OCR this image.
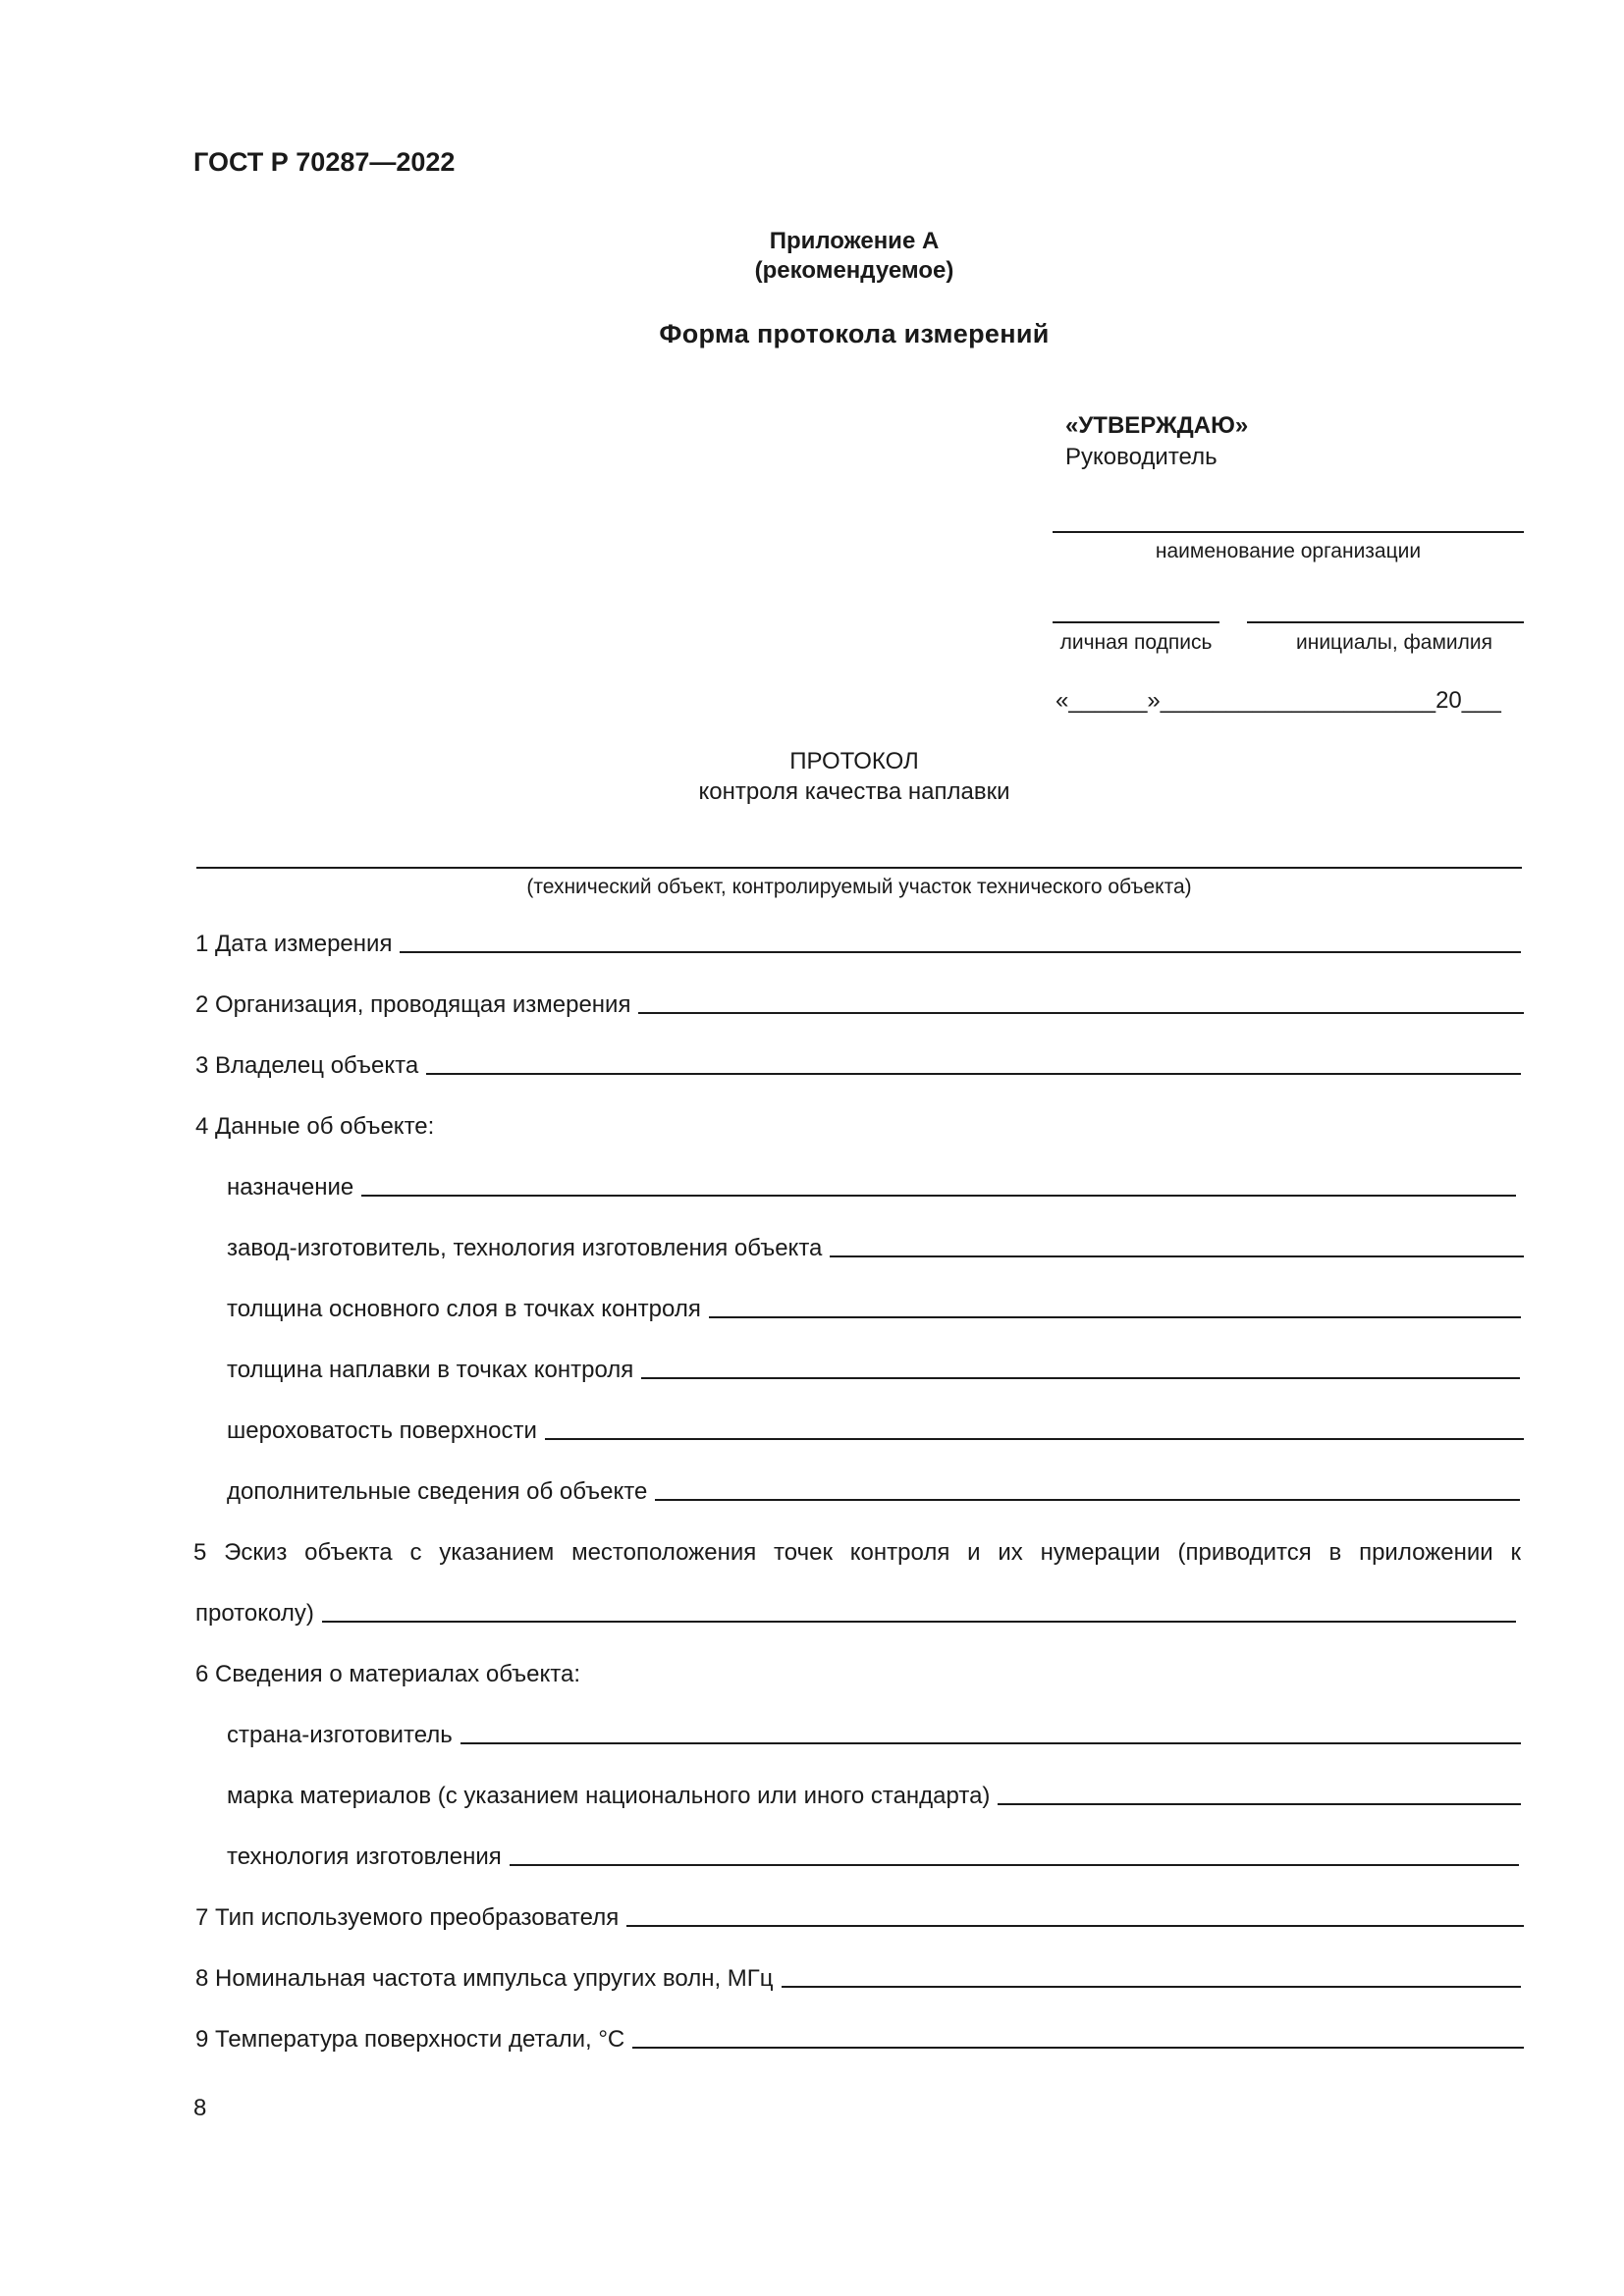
ГОСТ Р 70287—2022
Приложение А
(рекомендуемое)
Форма протокола измерений
«УТВЕРЖДАЮ»
Руководитель
наименование организации
личная подпись	инициалы, фамилия
«______»_____________________20___
ПРОТОКОЛ
контроля качества наплавки
(технический объект, контролируемый участок технического объекта)
1 Дата измерения
2 Организация, проводящая измерения
3 Владелец объекта
4 Данные об объекте:
назначение
завод-изготовитель, технология изготовления объекта
толщина основного слоя в точках контроля
толщина наплавки в точках контроля
шероховатость поверхности
дополнительные сведения об объекте
5 Эскиз объекта с указанием местоположения точек контроля и их нумерации (приводится в приложении к
протоколу)
6 Сведения о материалах объекта:
страна-изготовитель
марка материалов (с указанием национального или иного стандарта)
технология изготовления
7 Тип используемого преобразователя
8 Номинальная частота импульса упругих волн, МГц
9 Температура поверхности детали, °С
8
